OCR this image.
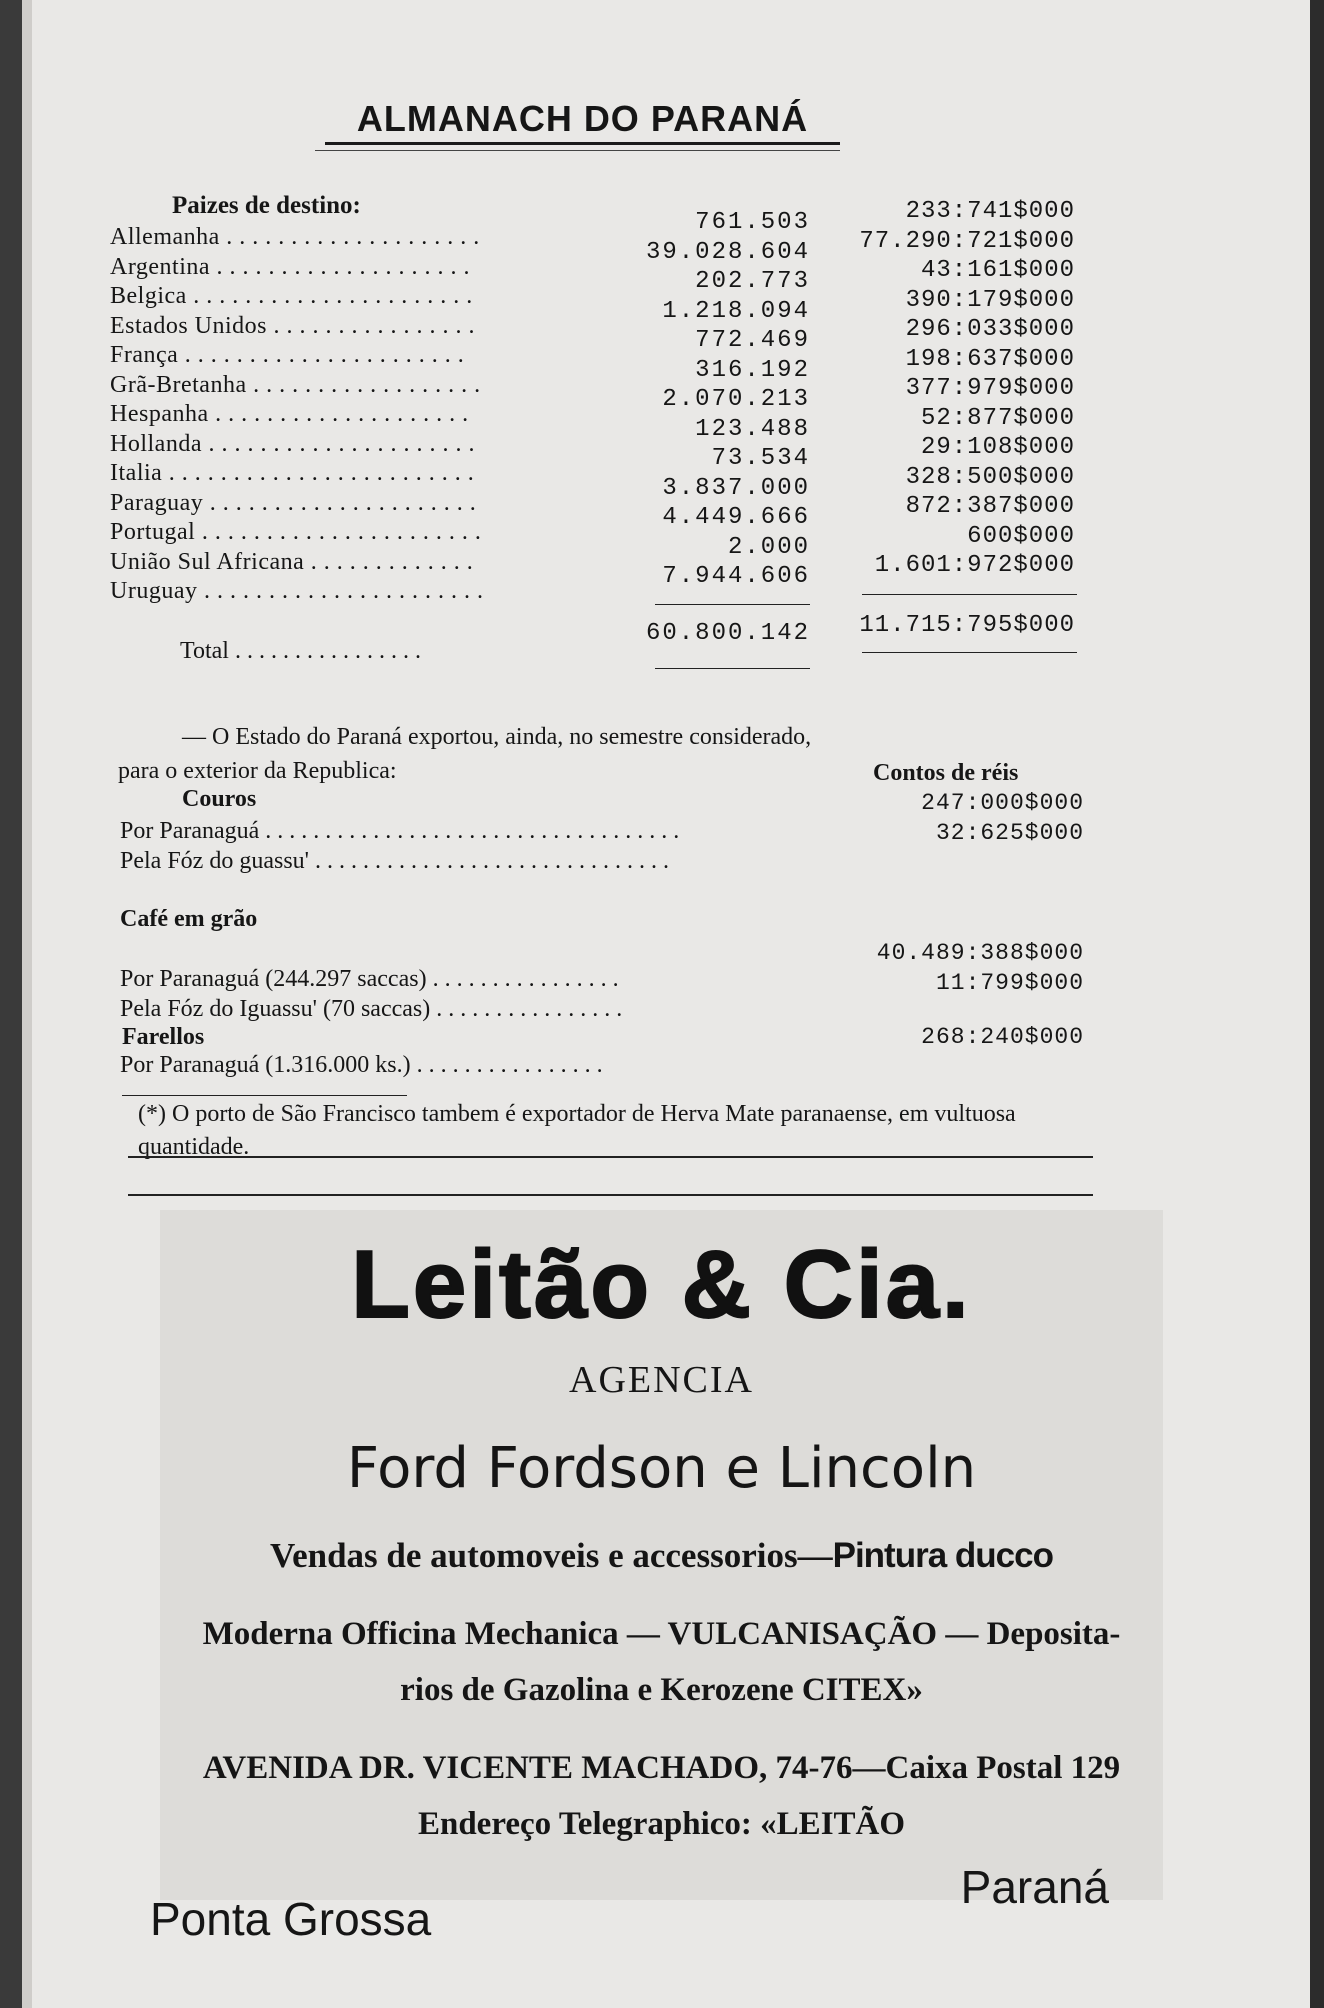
ALMANACH DO PARANÁ
Paizes de destino:
Allemanha . . . . . . . . . . . . . . . . . . . .
Argentina . . . . . . . . . . . . . . . . . . . .
Belgica . . . . . . . . . . . . . . . . . . . . . .
Estados Unidos . . . . . . . . . . . . . . . .
França . . . . . . . . . . . . . . . . . . . . . .
Grã-Bretanha . . . . . . . . . . . . . . . . . .
Hespanha . . . . . . . . . . . . . . . . . . . .
Hollanda . . . . . . . . . . . . . . . . . . . . .
Italia . . . . . . . . . . . . . . . . . . . . . . . .
Paraguay . . . . . . . . . . . . . . . . . . . . .
Portugal . . . . . . . . . . . . . . . . . . . . . .
União Sul Africana . . . . . . . . . . . . .
Uruguay . . . . . . . . . . . . . . . . . . . . . .
761.503
39.028.604
202.773
1.218.094
772.469
316.192
2.070.213
123.488
73.534
3.837.000
4.449.666
2.000
7.944.606
233:741$000
77.290:721$000
43:161$000
390:179$000
296:033$000
198:637$000
377:979$000
52:877$000
29:108$000
328:500$000
872:387$000
600$000
1.601:972$000
Total . . . . . . . . . . . . . . . .
60.800.142	11.715:795$000
— O Estado do Paraná exportou, ainda, no semestre considerado,
para o exterior da Republica:	Contos de réis
Couros
Por Paranaguá . . . . . . . . . . . . . . . . . . . . . . . . . . . . . . . . . . .
247:000$000
Pela Fóz do guassu' . . . . . . . . . . . . . . . . . . . . . . . . . . . . . .
32:625$000
Café em grão
Por Paranaguá (244.297 saccas) . . . . . . . . . . . . . . . .
40.489:388$000
Pela Fóz do Iguassu' (70 saccas) . . . . . . . . . . . . . . . .
11:799$000
Farellos
Por Paranaguá (1.316.000 ks.) . . . . . . . . . . . . . . . .
268:240$000
(*) O porto de São Francisco tambem é exportador de Herva Mate paranaense, em vultuosa quantidade.
Leitão & Cia.
AGENCIA
Ford Fordson e Lincoln
Vendas de automoveis e accessorios—Pintura ducco
Moderna Officina Mechanica — VULCANISAÇÃO — Deposita-
rios de Gazolina e Kerozene CITEX»
AVENIDA DR. VICENTE MACHADO, 74-76—Caixa Postal 129
Endereço Telegraphico: «LEITÃO
Ponta Grossa
Paraná
